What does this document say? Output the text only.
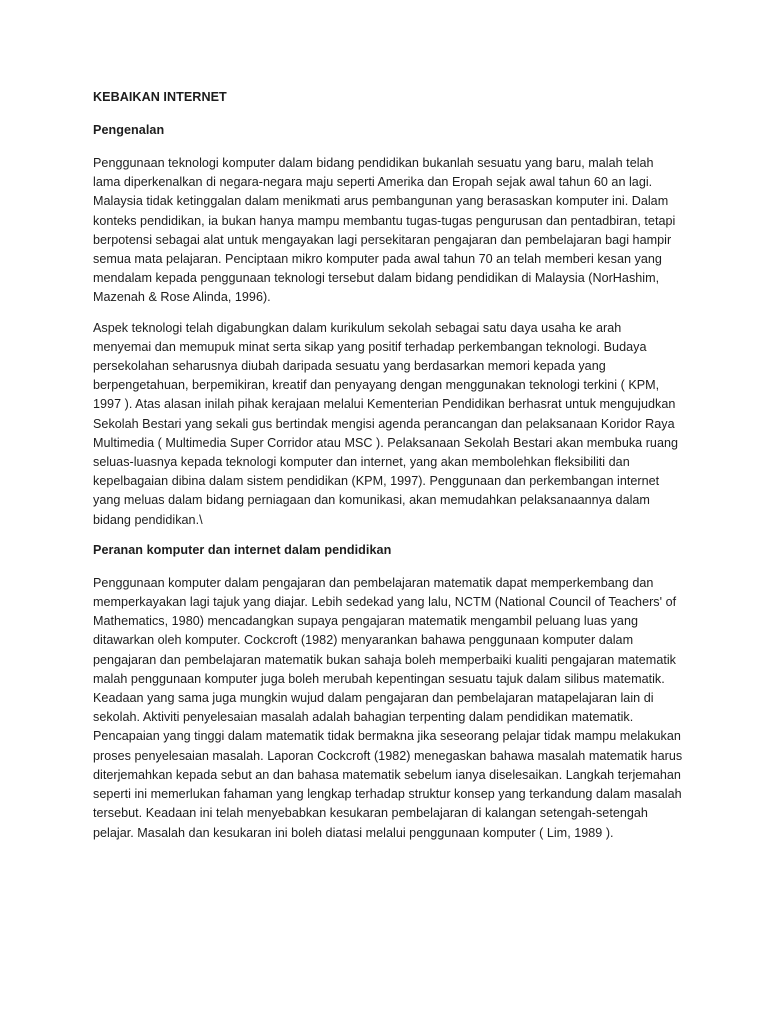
KEBAIKAN INTERNET
Pengenalan

Penggunaan teknologi komputer dalam bidang pendidikan bukanlah sesuatu yang baru, malah telah lama diperkenalkan di negara-negara maju seperti Amerika dan Eropah sejak awal tahun 60 an lagi. Malaysia tidak ketinggalan dalam menikmati arus pembangunan yang berasaskan komputer ini. Dalam konteks pendidikan, ia bukan hanya mampu membantu tugas-tugas pengurusan dan pentadbiran, tetapi berpotensi sebagai alat untuk mengayakan lagi persekitaran pengajaran dan pembelajaran bagi hampir semua mata pelajaran. Penciptaan mikro komputer pada awal tahun 70 an telah memberi kesan yang mendalam kepada penggunaan teknologi tersebut dalam bidang pendidikan di Malaysia (NorHashim, Mazenah & Rose Alinda, 1996).

Aspek teknologi telah digabungkan dalam kurikulum sekolah sebagai satu daya usaha ke arah menyemai dan memupuk minat serta sikap yang positif terhadap perkembangan teknologi. Budaya persekolahan seharusnya diubah daripada sesuatu yang berdasarkan memori kepada yang berpengetahuan, berpemikiran, kreatif dan penyayang dengan menggunakan teknologi terkini ( KPM, 1997 ). Atas alasan inilah pihak kerajaan melalui Kementerian Pendidikan berhasrat untuk mengujudkan Sekolah Bestari yang sekali gus bertindak mengisi agenda perancangan dan pelaksanaan Koridor Raya Multimedia ( Multimedia Super Corridor atau MSC ). Pelaksanaan Sekolah Bestari akan membuka ruang seluas-luasnya kepada teknologi komputer dan internet, yang akan membolehkan fleksibiliti dan kepelbagaian dibina dalam sistem pendidikan (KPM, 1997). Penggunaan dan perkembangan internet yang meluas dalam bidang perniagaan dan komunikasi, akan memudahkan pelaksanaannya dalam bidang pendidikan.\

Peranan komputer dan internet dalam pendidikan

Penggunaan komputer dalam pengajaran dan pembelajaran matematik dapat memperkembang dan memperkayakan lagi tajuk yang diajar. Lebih sedekad yang lalu, NCTM (National Council of Teachers' of Mathematics, 1980) mencadangkan supaya pengajaran matematik mengambil peluang luas yang ditawarkan oleh komputer. Cockcroft (1982) menyarankan bahawa penggunaan komputer dalam pengajaran dan pembelajaran matematik bukan sahaja boleh memperbaiki kualiti pengajaran matematik malah penggunaan komputer juga boleh merubah kepentingan sesuatu tajuk dalam silibus matematik. Keadaan yang sama juga mungkin wujud dalam pengajaran dan pembelajaran matapelajaran lain di sekolah. Aktiviti penyelesaian masalah adalah bahagian terpenting dalam pendidikan matematik. Pencapaian yang tinggi dalam matematik tidak bermakna jika seseorang pelajar tidak mampu melakukan proses penyelesaian masalah. Laporan Cockcroft (1982) menegaskan bahawa masalah matematik harus diterjemahkan kepada sebut an dan bahasa matematik sebelum ianya diselesaikan. Langkah terjemahan seperti ini memerlukan fahaman yang lengkap terhadap struktur konsep yang terkandung dalam masalah tersebut. Keadaan ini telah menyebabkan kesukaran pembelajaran di kalangan setengah-setengah pelajar. Masalah dan kesukaran ini boleh diatasi melalui penggunaan komputer ( Lim, 1989 ).
